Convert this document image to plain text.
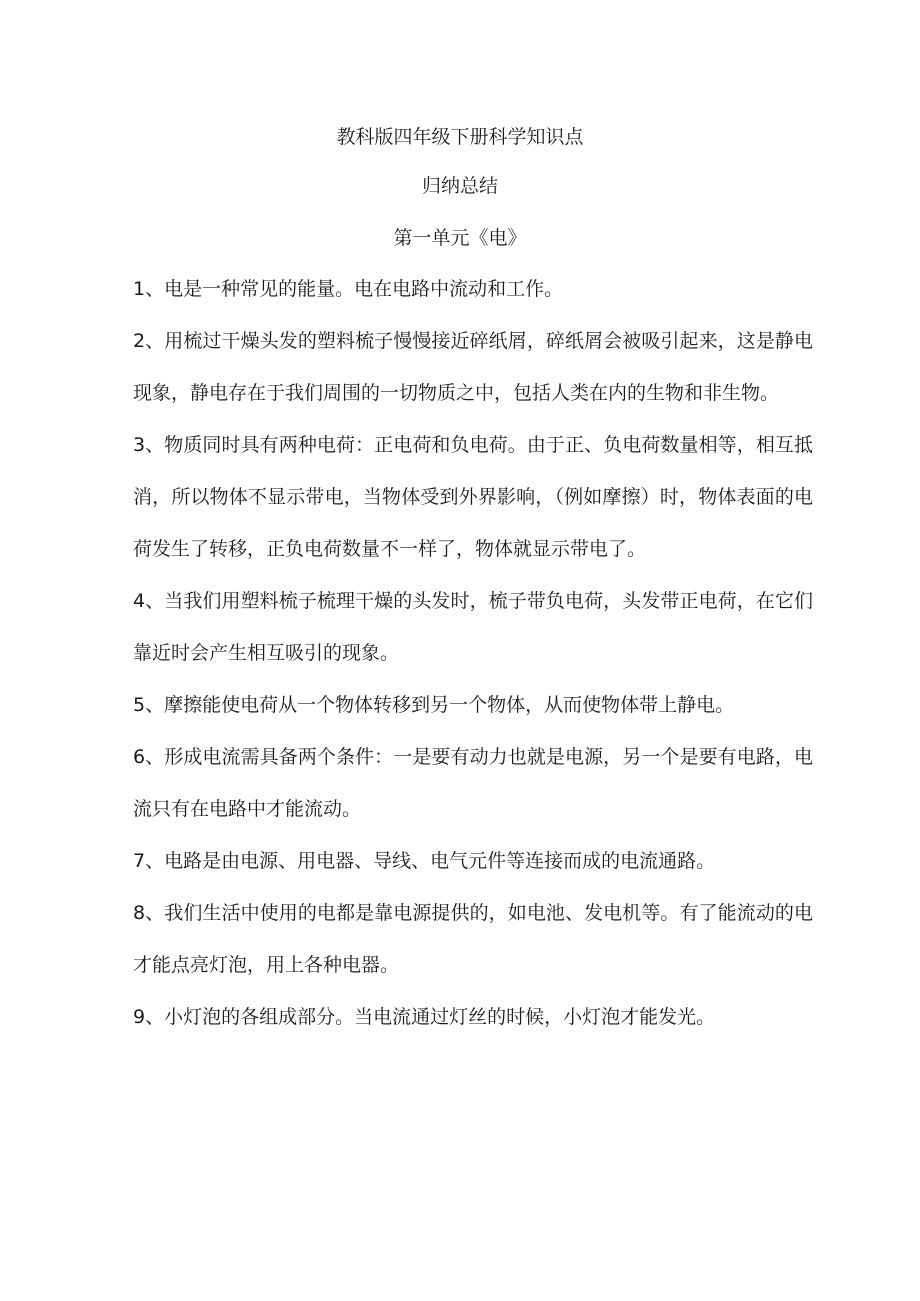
教科版四年级下册科学知识点
归纳总结
第一单元《电》

1、电是一种常见的能量。电在电路中流动和工作。

2、用梳过干燥头发的塑料梳子慢慢接近碎纸屑，碎纸屑会被吸引起来，这是静电现象，静电存在于我们周围的一切物质之中，包括人类在内的生物和非生物。

3、物质同时具有两种电荷：正电荷和负电荷。由于正、负电荷数量相等，相互抵消，所以物体不显示带电，当物体受到外界影响，（例如摩擦）时，物体表面的电荷发生了转移，正负电荷数量不一样了，物体就显示带电了。

4、当我们用塑料梳子梳理干燥的头发时，梳子带负电荷，头发带正电荷，在它们靠近时会产生相互吸引的现象。

5、摩擦能使电荷从一个物体转移到另一个物体，从而使物体带上静电。

6、形成电流需具备两个条件：一是要有动力也就是电源，另一个是要有电路，电流只有在电路中才能流动。

7、电路是由电源、用电器、导线、电气元件等连接而成的电流通路。

8、我们生活中使用的电都是靠电源提供的，如电池、发电机等。有了能流动的电才能点亮灯泡，用上各种电器。

9、小灯泡的各组成部分。当电流通过灯丝的时候，小灯泡才能发光。
